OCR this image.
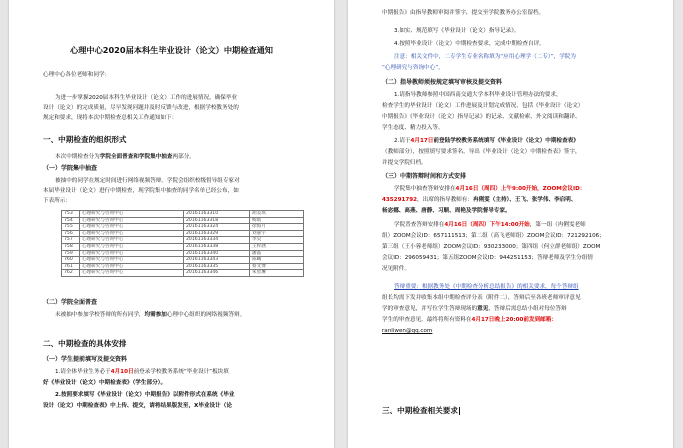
心理中心2020届本科生毕业设计（论文）中期检查通知
心理中心各位老师和同学：
为进一步掌握2020届本科生毕业设计（论文）工作的进展情况，确保毕业
设计（论文）的完成质量，尽早发现问题并及时反馈与改进，根据学校教务处的
规定和要求，现将本次中期检查总相关工作通知如下：
一、中期检查的组织形式
本次中期检查分为学院全面普查和学院集中抽查两部分。
（一）学院集中抽查
被抽中的同学在规定时间进行网络视频答辩。学院会组织校级督导组专家对
本届毕业设计（论文）进行中期检查，现学院集中抽查的同学名单已经公布，如
下表所示：
753	心理研究与咨询中心	20161163310	胡美琪
754	心理研究与咨询中心	20161163318	杨珉
755	心理研究与咨询中心	20161163324	徐海月
756	心理研究与咨询中心	20161163329	刘嘉宇
757	心理研究与咨询中心	20161163334	李昊
758	心理研究与咨询中心	20161163338	王梓涵
759	心理研究与咨询中心	20161163340	潘晶
760	心理研究与咨询中心	20161163343	陈曦
761	心理研究与咨询中心	20161163335	蔡文博
762	心理研究与咨询中心	20161163346	朱星琳
（二）学院全面普查
未被抽中参加学校答辩的所有同学，均需参加心理中心组织的网络视频答辩。
二、中期检查的具体安排
（一）学生提前填写及提交资料
1.请全体毕业生务必于4月10日前登录学校教务系统“毕业设计”板块填
好《毕业设计（论文）中期检查表》（学生部分）。
2.按照要求填写《毕业设计（论文）中期报告》以附件形式在系统《毕业
设计（论文）中期检查表》中上传、提交，请将结果版发至，X毕业设计（论
中期报告》由指导教师审阅并签字，提交至学院教务办公室留档。
3.如实、规范填写《毕业设计（论文）指导记录》。
4.按照毕业设计（论文）中期检查要求，完成中期检查自评。
注意：相关文件中，二专学生专业名称填为“应用心理学（二专）”，学院为
“心理研究与咨询中心”。
（二）指导教师须按规定填写审核及提交资料
1.请指导教师参照中国西南交通大学本科毕业设计管理办法的要求，
检查学生的毕业设计（论文）工作进展及计划完成情况，包括《毕业设计（论文）
中期报告》《毕业设计（论文）指导记录》的记录、文献检索、外文阅读和翻译、
学生态度、精力投入等。
2.请于4月17日前登陆学校教务系统填写《毕业设计（论文）中期检查表》
（教师部分），按照填写要求签名，导出《毕业设计（论文）中期检查表》签字，
并提交学院归档。
（三）中期答辩时间和方式安排
学院集中抽查答辩安排在4月16日（周四）上午9:00开始，ZOOM会议ID：
435291792，出席的指导教师有：冉俐雯（主持）、王飞、张学伟、李启明、
杨宓娜、高燕、唐静、习顺、周艳及学院督导专家。
学院普查答辩安排在4月16日（周四）下午14:00开始，第一组（冉俐雯老师
组）ZOOM会议ID：657111513；第二组（高飞老师组）ZOOM会议ID：721292106；
第三组（王小蓉老师组）ZOOM会议ID：930233000；第四组（何立群老师组）ZOOM
会议ID：296059431；第五组ZOOM会议ID：944251153；答辩老师及学生分组情
况见附件。
答辩重要：根据教务处《中期检查分析总结报告》的相关要求，每个答辩组
组长均需下发并收集本组中期检查评分表（附件二），答辩后至各班老师审评意见
学的审查意见，并写位学生答辩现场的意见，答辩后需总结小组对每位答辩
学生的审查意见，最终将所有资料在4月17日晚上20:00前发到邮箱：
ranliwen@qq.com
三、中期检查相关要求
